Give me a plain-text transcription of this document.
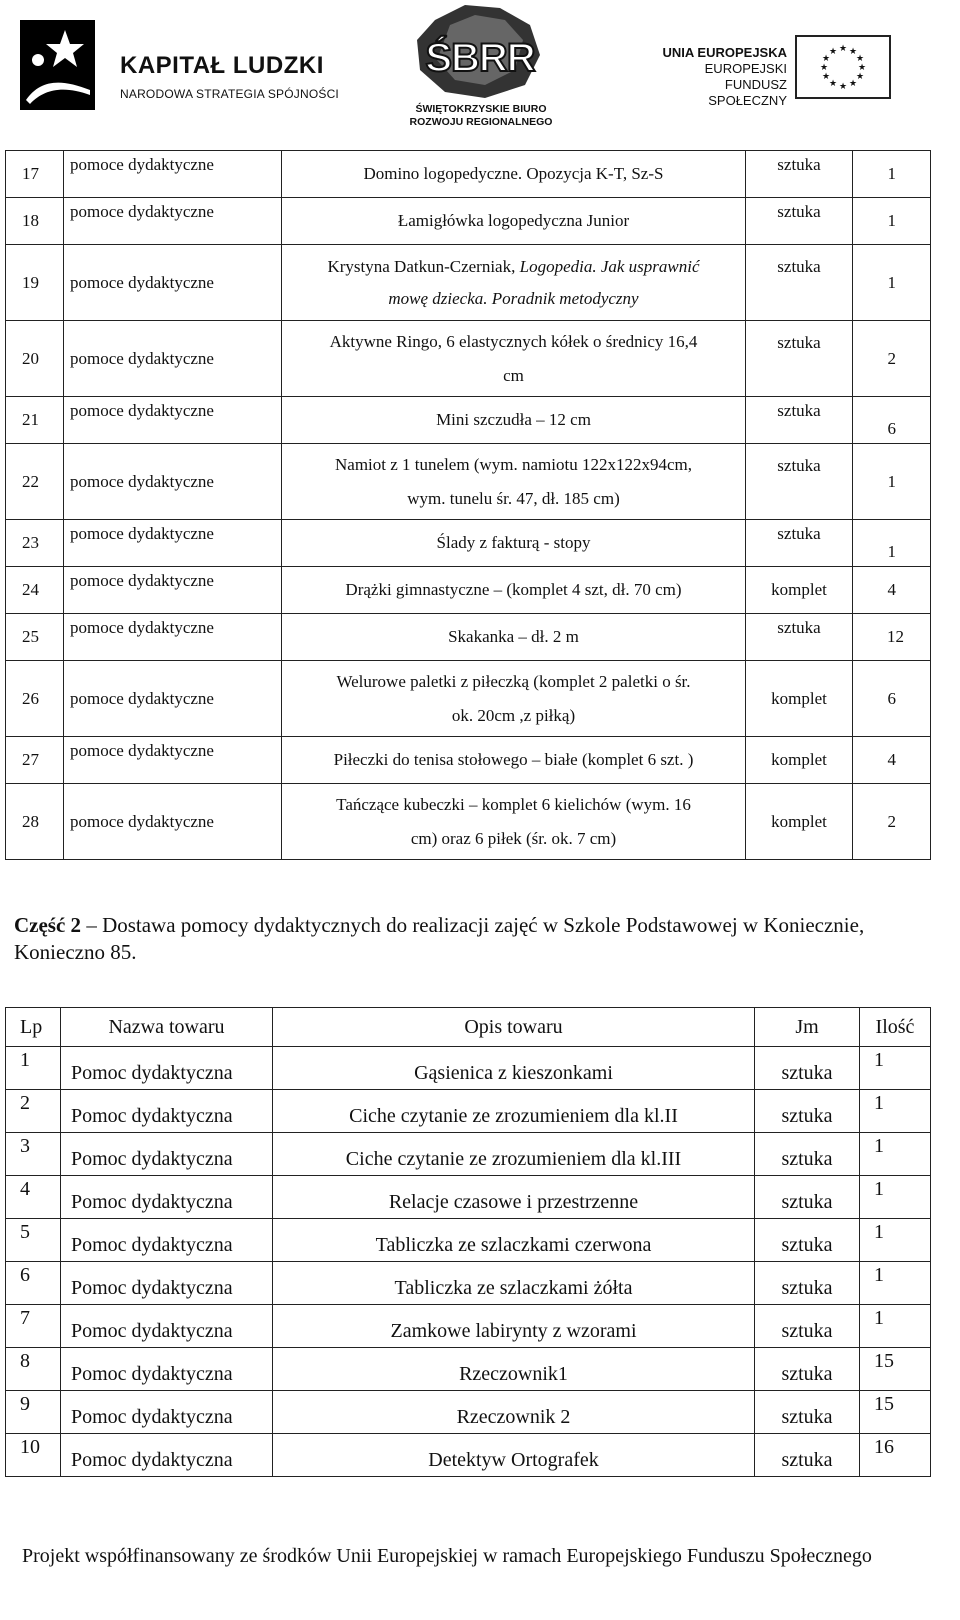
KAPITAŁ LUDZKI
NARODOWA STRATEGIA SPÓJNOŚCI
ŚBRR
ŚWIĘTOKRZYSKIE BIURO
ROZWOJU REGIONALNEGO
UNIA EUROPEJSKA
EUROPEJSKI
FUNDUSZ SPOŁECZNY
★ ★
★
★
★
★
★
★
★
★
★
★
17	pomoce dydaktyczne	Domino logopedyczne. Opozycja K-T, Sz-S	sztuka	1
18	pomoce dydaktyczne	Łamigłówka logopedyczna Junior	sztuka	1
19	pomoce dydaktyczne	Krystyna Datkun-Czerniak, Logopedia. Jak usprawnić
mowę dziecka. Poradnik metodyczny	sztuka	1
20	pomoce dydaktyczne	Aktywne Ringo, 6 elastycznych kółek o średnicy 16,4
cm	sztuka	2
21	pomoce dydaktyczne	Mini szczudła – 12 cm	sztuka	6
22	pomoce dydaktyczne	Namiot z 1 tunelem (wym. namiotu 122x122x94cm,
wym. tunelu śr. 47, dł. 185 cm)	sztuka	1
23	pomoce dydaktyczne	Ślady z fakturą - stopy	sztuka	1
24	pomoce dydaktyczne	Drążki gimnastyczne – (komplet 4 szt, dł. 70 cm)	komplet	4
25	pomoce dydaktyczne	Skakanka – dł. 2 m	sztuka	12
26	pomoce dydaktyczne	Welurowe paletki z piłeczką (komplet 2 paletki o śr.
ok. 20cm ,z piłką)	komplet	6
27	pomoce dydaktyczne	Piłeczki do tenisa stołowego – białe (komplet 6 szt. )	komplet	4
28	pomoce dydaktyczne	Tańczące kubeczki – komplet 6 kielichów (wym. 16
cm) oraz 6 piłek (śr. ok. 7 cm)	komplet	2
Część 2 – Dostawa pomocy dydaktycznych do realizacji zajęć w Szkole Podstawowej w Koniecznie, Konieczno 85.
Lp	Nazwa towaru	Opis towaru	Jm	Ilość
1	Pomoc dydaktyczna	Gąsienica z kieszonkami	sztuka	1
2	Pomoc dydaktyczna	Ciche czytanie ze zrozumieniem dla kl.II	sztuka	1
3	Pomoc dydaktyczna	Ciche czytanie ze zrozumieniem dla kl.III	sztuka	1
4	Pomoc dydaktyczna	Relacje czasowe i przestrzenne	sztuka	1
5	Pomoc dydaktyczna	Tabliczka ze szlaczkami czerwona	sztuka	1
6	Pomoc dydaktyczna	Tabliczka ze szlaczkami żółta	sztuka	1
7	Pomoc dydaktyczna	Zamkowe labirynty z wzorami	sztuka	1
8	Pomoc dydaktyczna	Rzeczownik1	sztuka	15
9	Pomoc dydaktyczna	Rzeczownik 2	sztuka	15
10	Pomoc dydaktyczna	Detektyw Ortografek	sztuka	16
Projekt współfinansowany ze środków Unii Europejskiej w ramach Europejskiego Funduszu Społecznego
